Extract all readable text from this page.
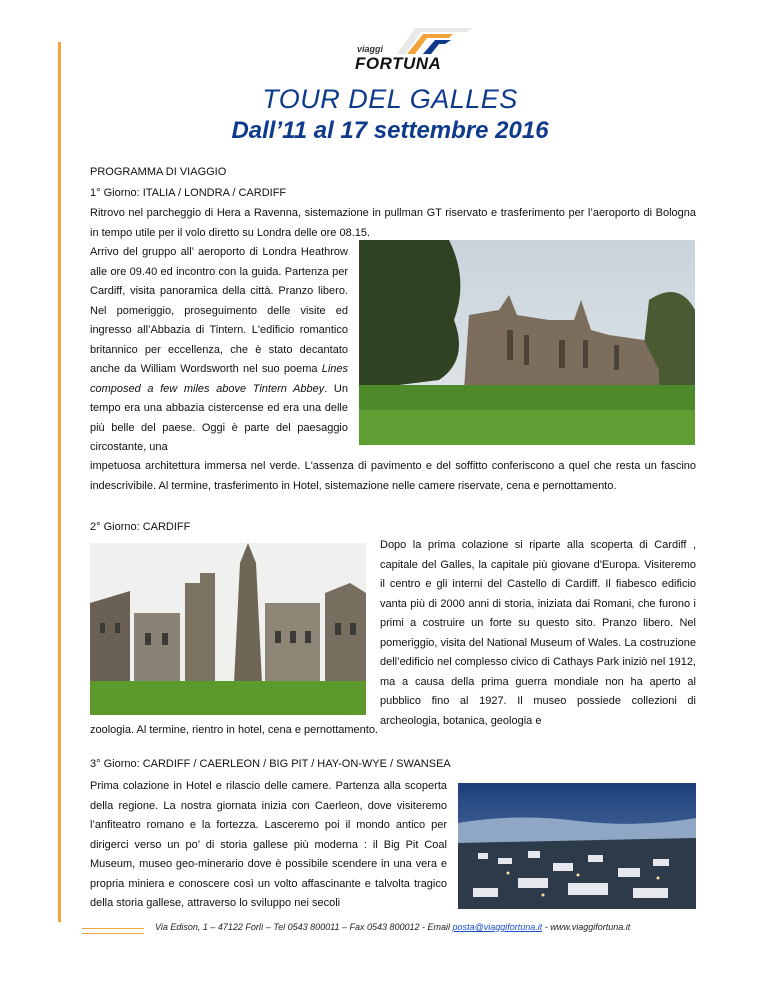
viaggi
FORTUNA
TOUR DEL GALLES
Dall’11 al 17 settembre 2016
PROGRAMMA DI VIAGGIO
1° Giorno: ITALIA / LONDRA / CARDIFF
Ritrovo nel parcheggio di Hera a Ravenna, sistemazione in pullman GT riservato e trasferimento per l’aeroporto di Bologna in tempo utile per il volo diretto su Londra delle ore 08.15.
Arrivo del gruppo all’ aeroporto di Londra Heathrow alle ore 09.40 ed incontro con la guida. Partenza per Cardiff, visita panoramica della città. Pranzo libero. Nel pomeriggio, proseguimento delle visite ed ingresso all’Abbazia di Tintern. L'edificio romantico britannico per eccellenza, che è stato decantato anche da William Wordsworth nel suo poema Lines composed a few miles above Tintern Abbey. Un tempo era una abbazia cistercense ed era una delle più belle del paese. Oggi è parte del paesaggio circostante, una
impetuosa architettura immersa nel verde. L'assenza di pavimento e del soffitto conferiscono a quel che resta un fascino indescrivibile. Al termine, trasferimento in Hotel, sistemazione nelle camere riservate, cena e pernottamento.
2° Giorno: CARDIFF
Dopo la prima colazione si riparte alla scoperta di Cardiff , capitale del Galles, la capitale più giovane d'Europa. Visiteremo il centro e gli interni del Castello di Cardiff. Il fiabesco edificio vanta più di 2000 anni di storia, iniziata dai Romani, che furono i primi a costruire un forte su questo sito. Pranzo libero. Nel pomeriggio, visita del National Museum of Wales. La costruzione dell’edificio nel complesso civico di Cathays Park iniziò nel 1912, ma a causa della prima guerra mondiale non ha aperto al pubblico fino al 1927. Il museo possiede collezioni di archeologia, botanica, geologia e
zoologia. Al termine, rientro in hotel, cena e pernottamento.
3° Giorno: CARDIFF / CAERLEON / BIG PIT / HAY-ON-WYE / SWANSEA
Prima colazione in Hotel e rilascio delle camere. Partenza alla scoperta della regione. La nostra giornata inizia con Caerleon, dove visiteremo l’anfiteatro romano e la fortezza. Lasceremo poi il mondo antico per dirigerci verso un po’ di storia gallese più moderna : il Big Pit Coal Museum, museo geo-minerario dove è possibile scendere in una vera e propria miniera e conoscere così un volto affascinante e talvolta tragico della storia gallese, attraverso lo sviluppo nei secoli
Via Edison, 1 – 47122 Forlì – Tel 0543 800011 – Fax 0543 800012 - Email posta@viaggifortuna.it - www.viaggifortuna.it
